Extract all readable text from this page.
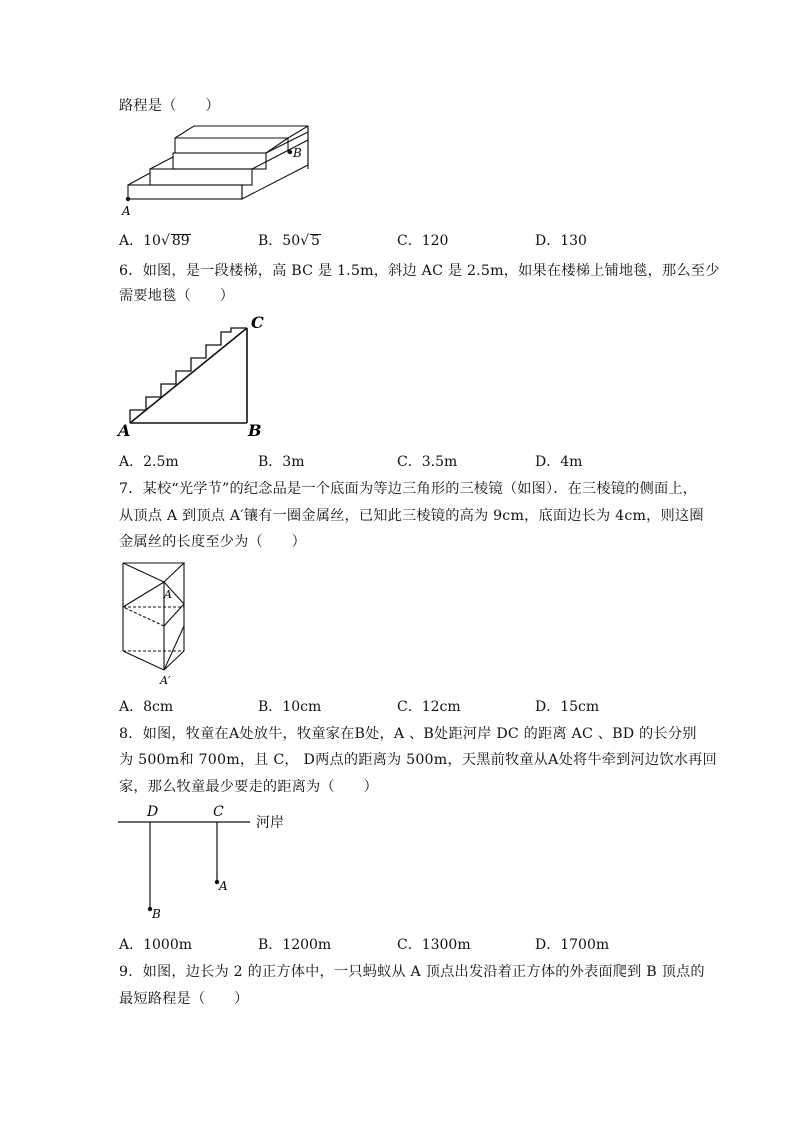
路程是（　　）
A
B
A．10√ 89	B．50√ 5	C．120	D．130
6．如图，是一段楼梯，高 BC 是 1.5m，斜边 AC 是 2.5m，如果在楼梯上铺地毯，那么至少
需要地毯（　　）
A	B
C
A．2.5m	B．3m	C．3.5m	D．4m
7．某校“光学节”的纪念品是一个底面为等边三角形的三棱镜（如图）．在三棱镜的侧面上，
从顶点 A 到顶点 A′镶有一圈金属丝，已知此三棱镜的高为 9cm，底面边长为 4cm，则这圈
金属丝的长度至少为（　　）
A
A′
A．8cm	B．10cm	C．12cm	D．15cm
8．如图，牧童在A处放牛，牧童家在B处，A 、B处距河岸 DC 的距离 AC 、BD 的长分别
为 500m和 700m，且 C， D两点的距离为 500m，天黑前牧童从A处将牛牵到河边饮水再回
家，那么牧童最少要走的距离为（　　）
D	C
A
B
河岸
A．1000m	B．1200m	C．1300m	D．1700m
9．如图，边长为 2 的正方体中，一只蚂蚁从 A 顶点出发沿着正方体的外表面爬到 B 顶点的
最短路程是（　　）
